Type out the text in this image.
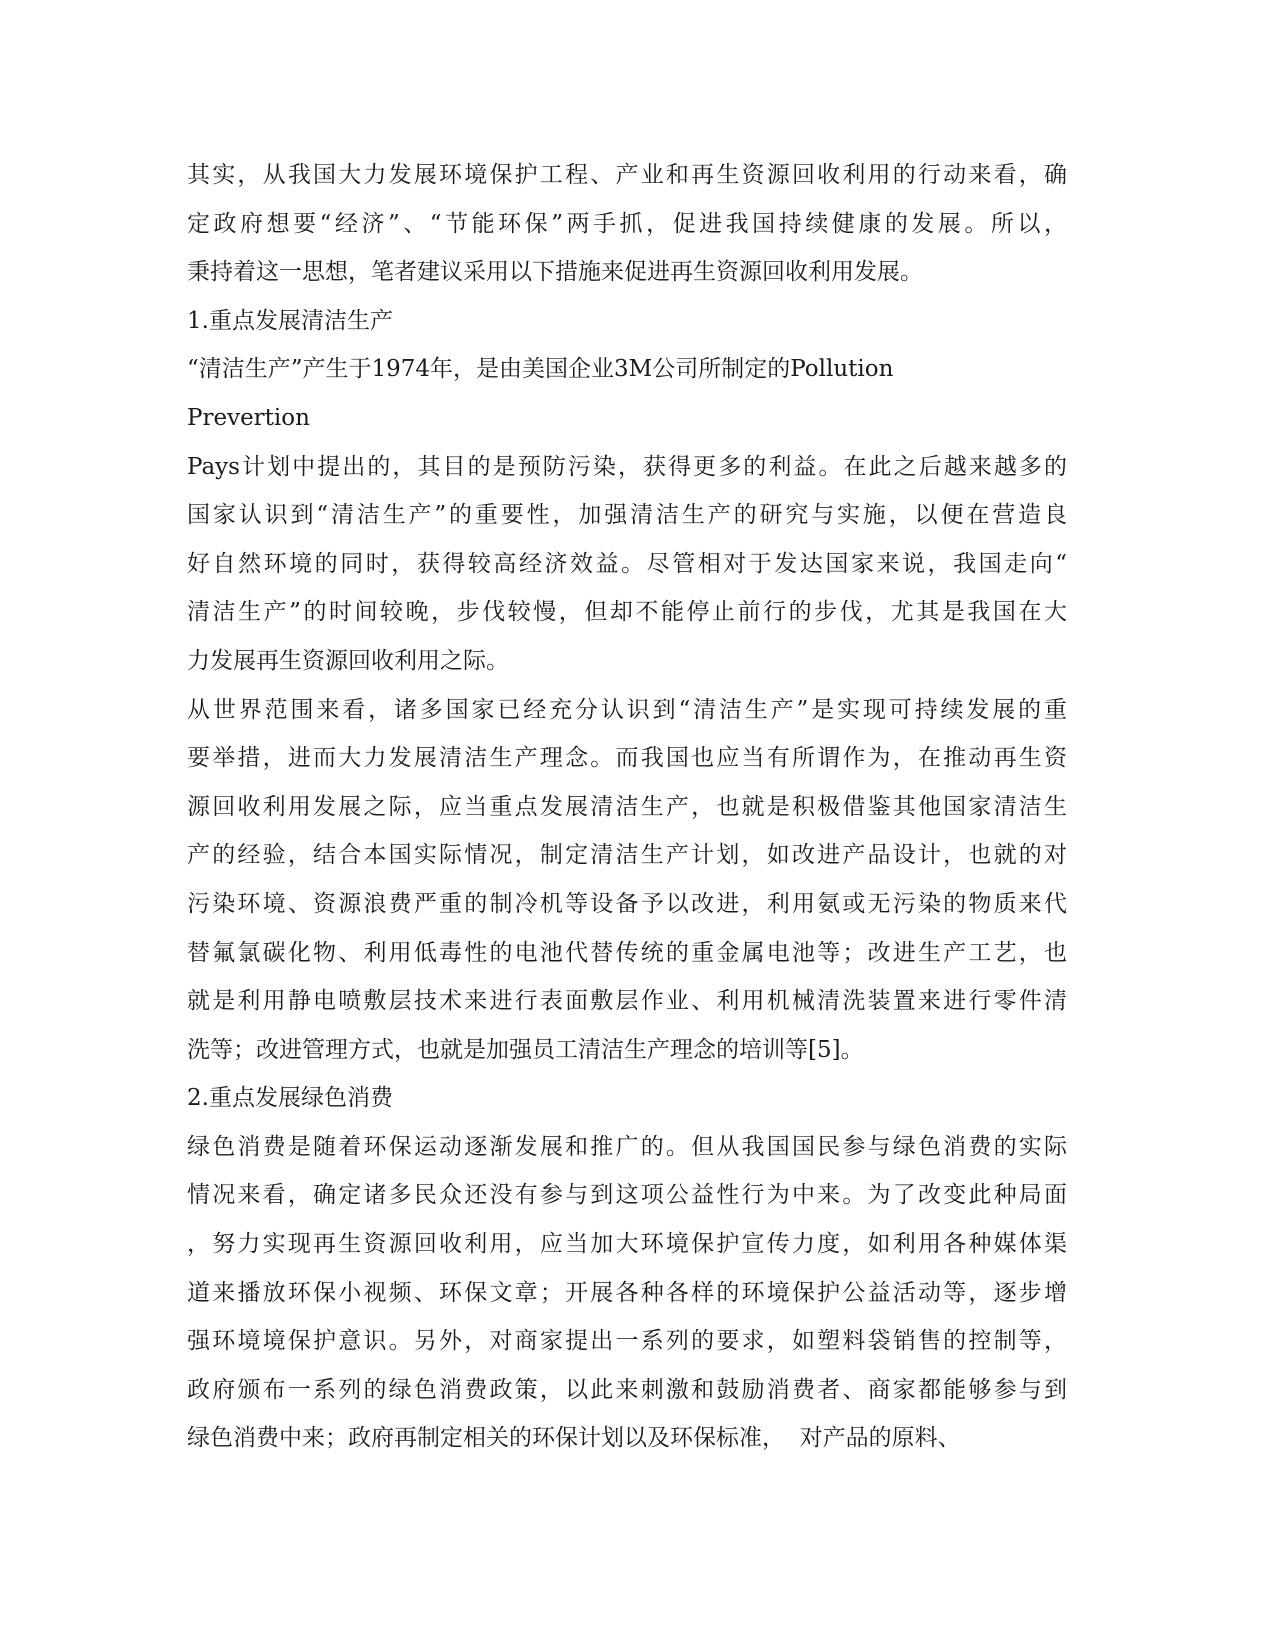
其实，从我国大力发展环境保护工程、产业和再生资源回收利用的行动来看，确
定政府想要“经济”、“节能环保”两手抓，促进我国持续健康的发展。所以，
秉持着这一思想，笔者建议采用以下措施来促进再生资源回收利用发展。
1.重点发展清洁生产
“清洁生产”产生于1974年，是由美国企业3M公司所制定的Pollution
Prevertion
Pays计划中提出的，其目的是预防污染，获得更多的利益。在此之后越来越多的
国家认识到“清洁生产”的重要性，加强清洁生产的研究与实施，以便在营造良
好自然环境的同时，获得较高经济效益。尽管相对于发达国家来说，我国走向“
清洁生产”的时间较晚，步伐较慢，但却不能停止前行的步伐，尤其是我国在大
力发展再生资源回收利用之际。
从世界范围来看，诸多国家已经充分认识到“清洁生产”是实现可持续发展的重
要举措，进而大力发展清洁生产理念。而我国也应当有所谓作为，在推动再生资
源回收利用发展之际，应当重点发展清洁生产，也就是积极借鉴其他国家清洁生
产的经验，结合本国实际情况，制定清洁生产计划，如改进产品设计，也就的对
污染环境、资源浪费严重的制冷机等设备予以改进，利用氨或无污染的物质来代
替氟氯碳化物、利用低毒性的电池代替传统的重金属电池等；改进生产工艺，也
就是利用静电喷敷层技术来进行表面敷层作业、利用机械清洗装置来进行零件清
洗等；改进管理方式，也就是加强员工清洁生产理念的培训等[5]。
2.重点发展绿色消费
绿色消费是随着环保运动逐渐发展和推广的。但从我国国民参与绿色消费的实际
情况来看，确定诸多民众还没有参与到这项公益性行为中来。为了改变此种局面
，努力实现再生资源回收利用，应当加大环境保护宣传力度，如利用各种媒体渠
道来播放环保小视频、环保文章；开展各种各样的环境保护公益活动等，逐步增
强环境境保护意识。另外，对商家提出一系列的要求，如塑料袋销售的控制等，
政府颁布一系列的绿色消费政策，以此来刺激和鼓励消费者、商家都能够参与到
绿色消费中来；政府再制定相关的环保计划以及环保标准，  对产品的原料、
